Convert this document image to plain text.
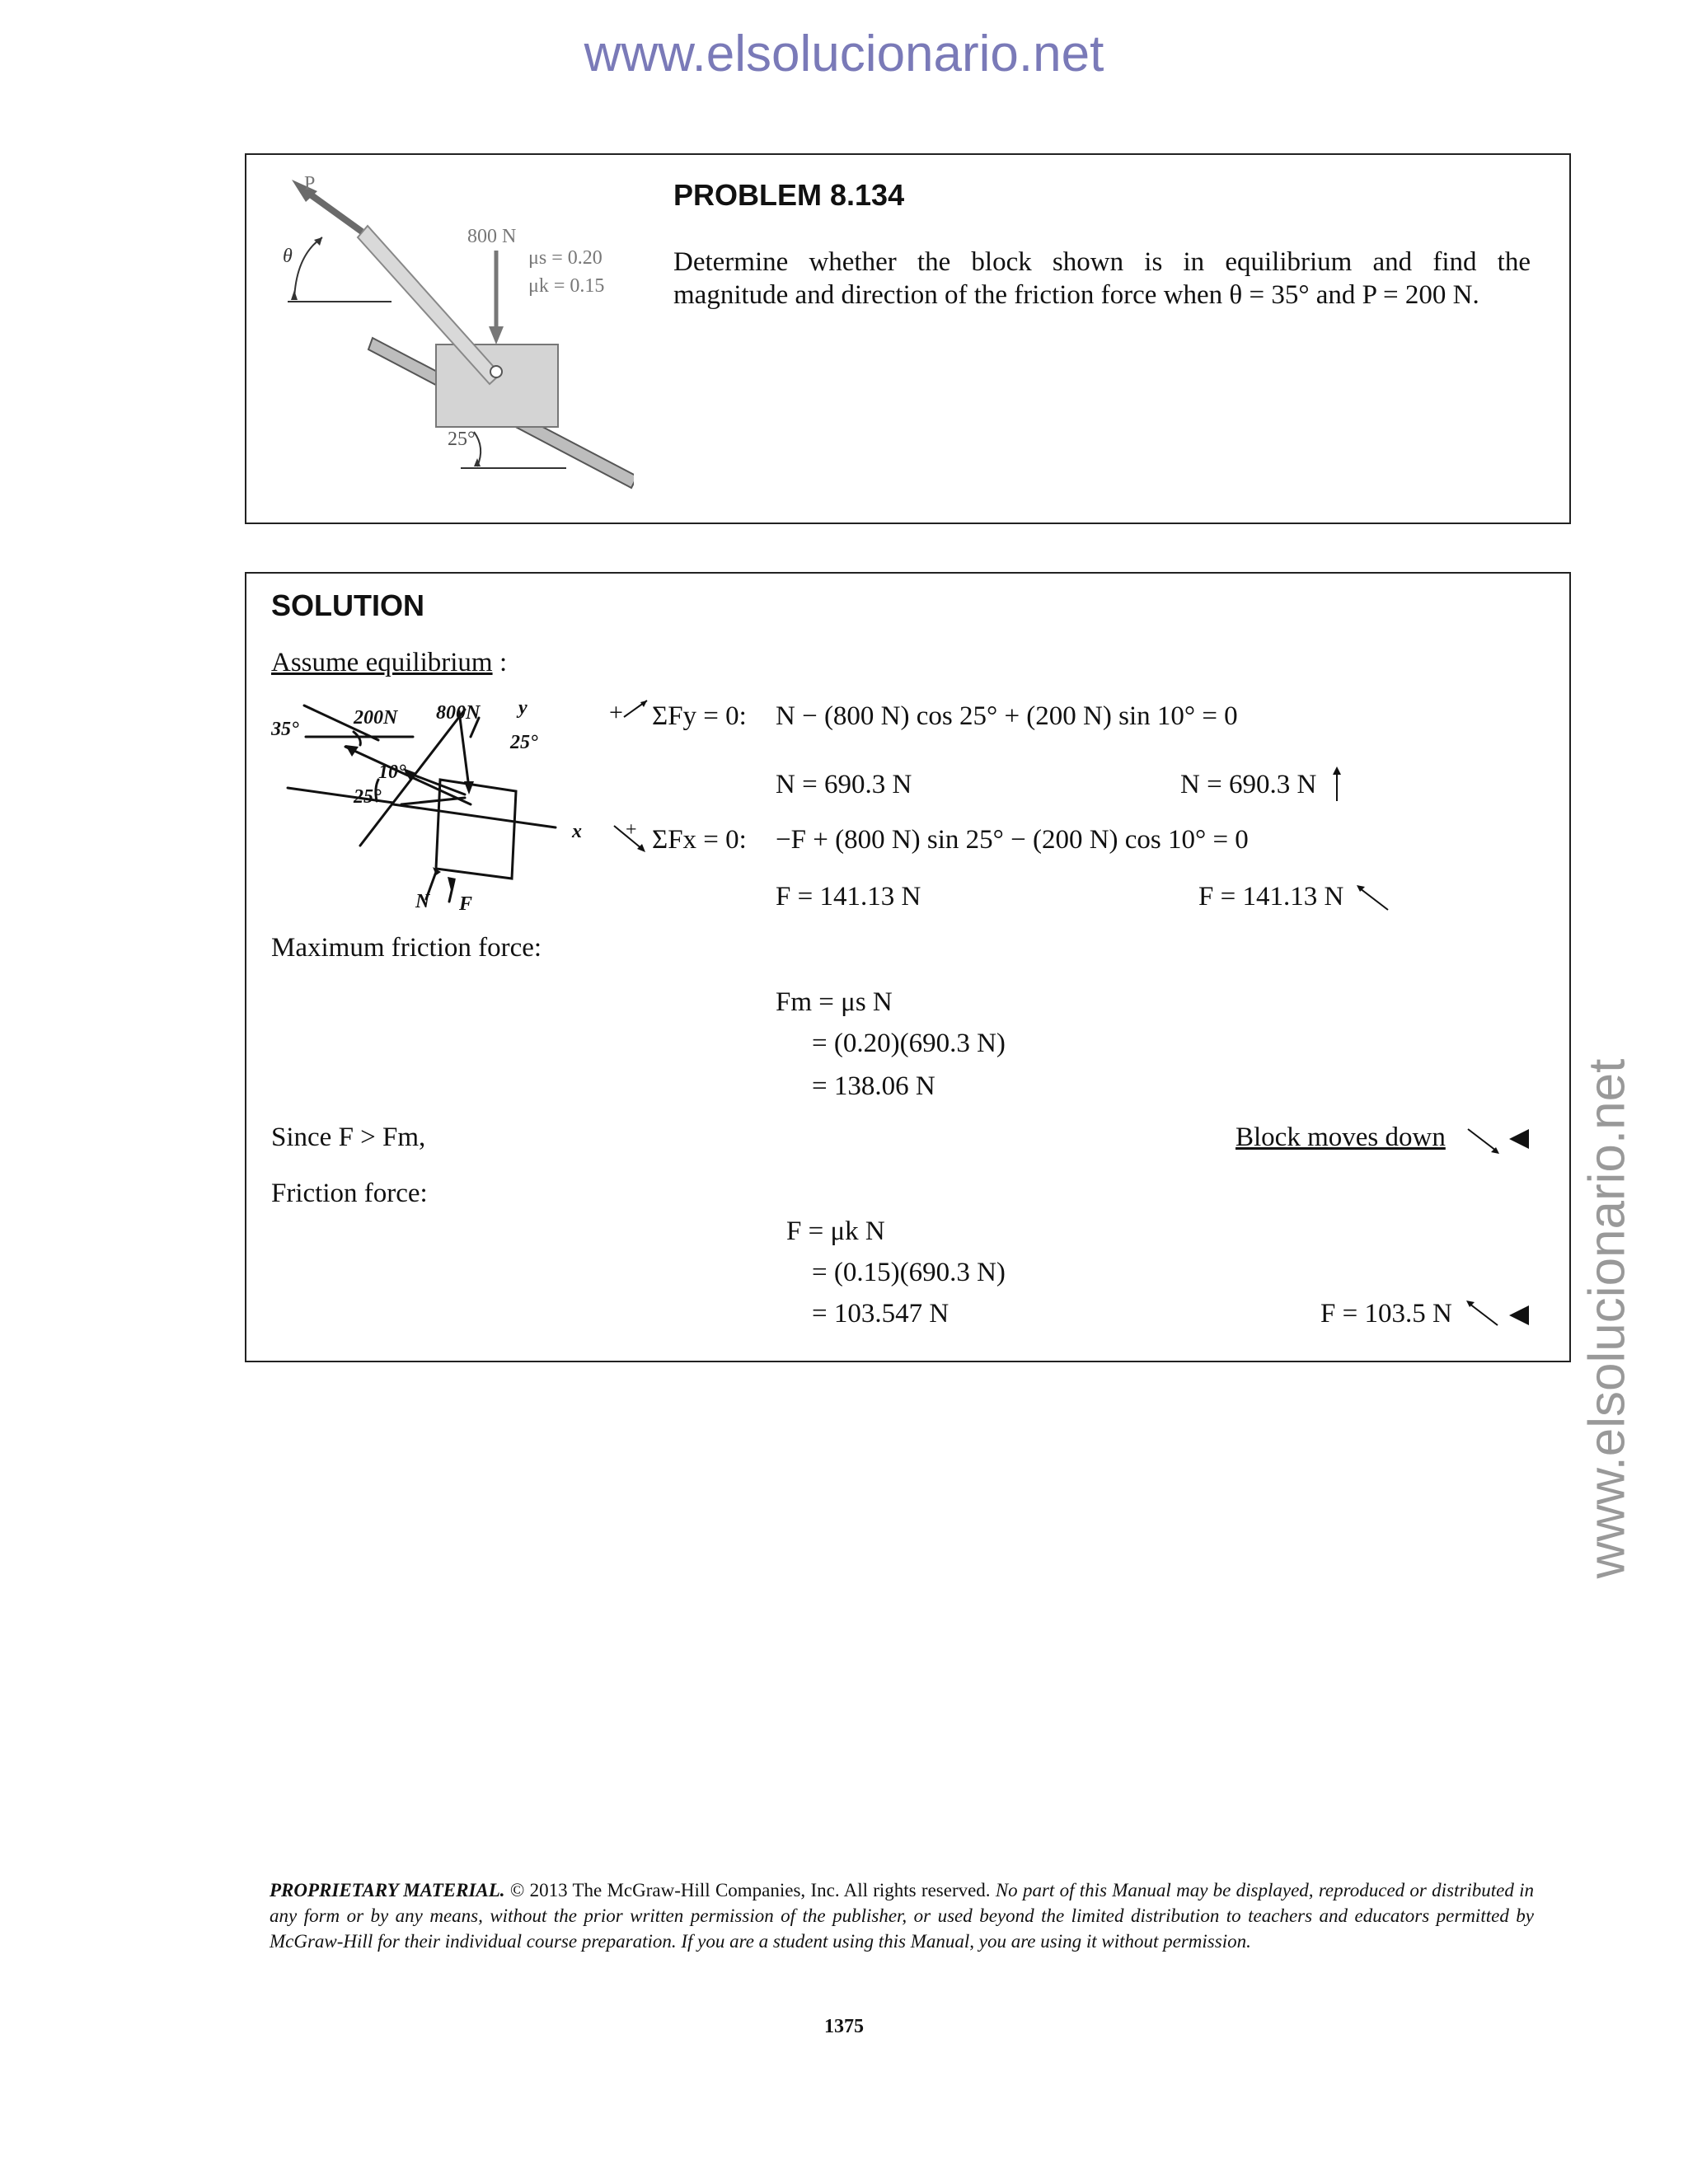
www.elsolucionario.net
www.elsolucionario.net
P
θ
800 N
μs = 0.20
μk = 0.15
25°
PROBLEM 8.134
Determine whether the block shown is in equilibrium and find the
magnitude and direction of the friction force when θ = 35° and P = 200 N.
SOLUTION
Assume equilibrium :
35°
200N 800N y
25°
10°
25°
x
N F
+ ΣFy = 0: N − (800 N) cos 25° + (200 N) sin 10° = 0
N = 690.3 N	N = 690.3 N
+ ΣFx = 0: −F + (800 N) sin 25° − (200 N) cos 10° = 0
F = 141.13 N	F = 141.13 N
Maximum friction force:
Fm = μs N
= (0.20)(690.3 N)
= 138.06 N
Since F > Fm,	Block moves down
Friction force:
F = μk N
= (0.15)(690.3 N)
= 103.547 N	F = 103.5 N
PROPRIETARY MATERIAL. © 2013 The McGraw-Hill Companies, Inc. All rights reserved. No part of this Manual may be displayed, reproduced or distributed in any form or by any means, without the prior written permission of the publisher, or used beyond the limited distribution to teachers and educators permitted by McGraw-Hill for their individual course preparation. If you are a student using this Manual, you are using it without permission.
1375
